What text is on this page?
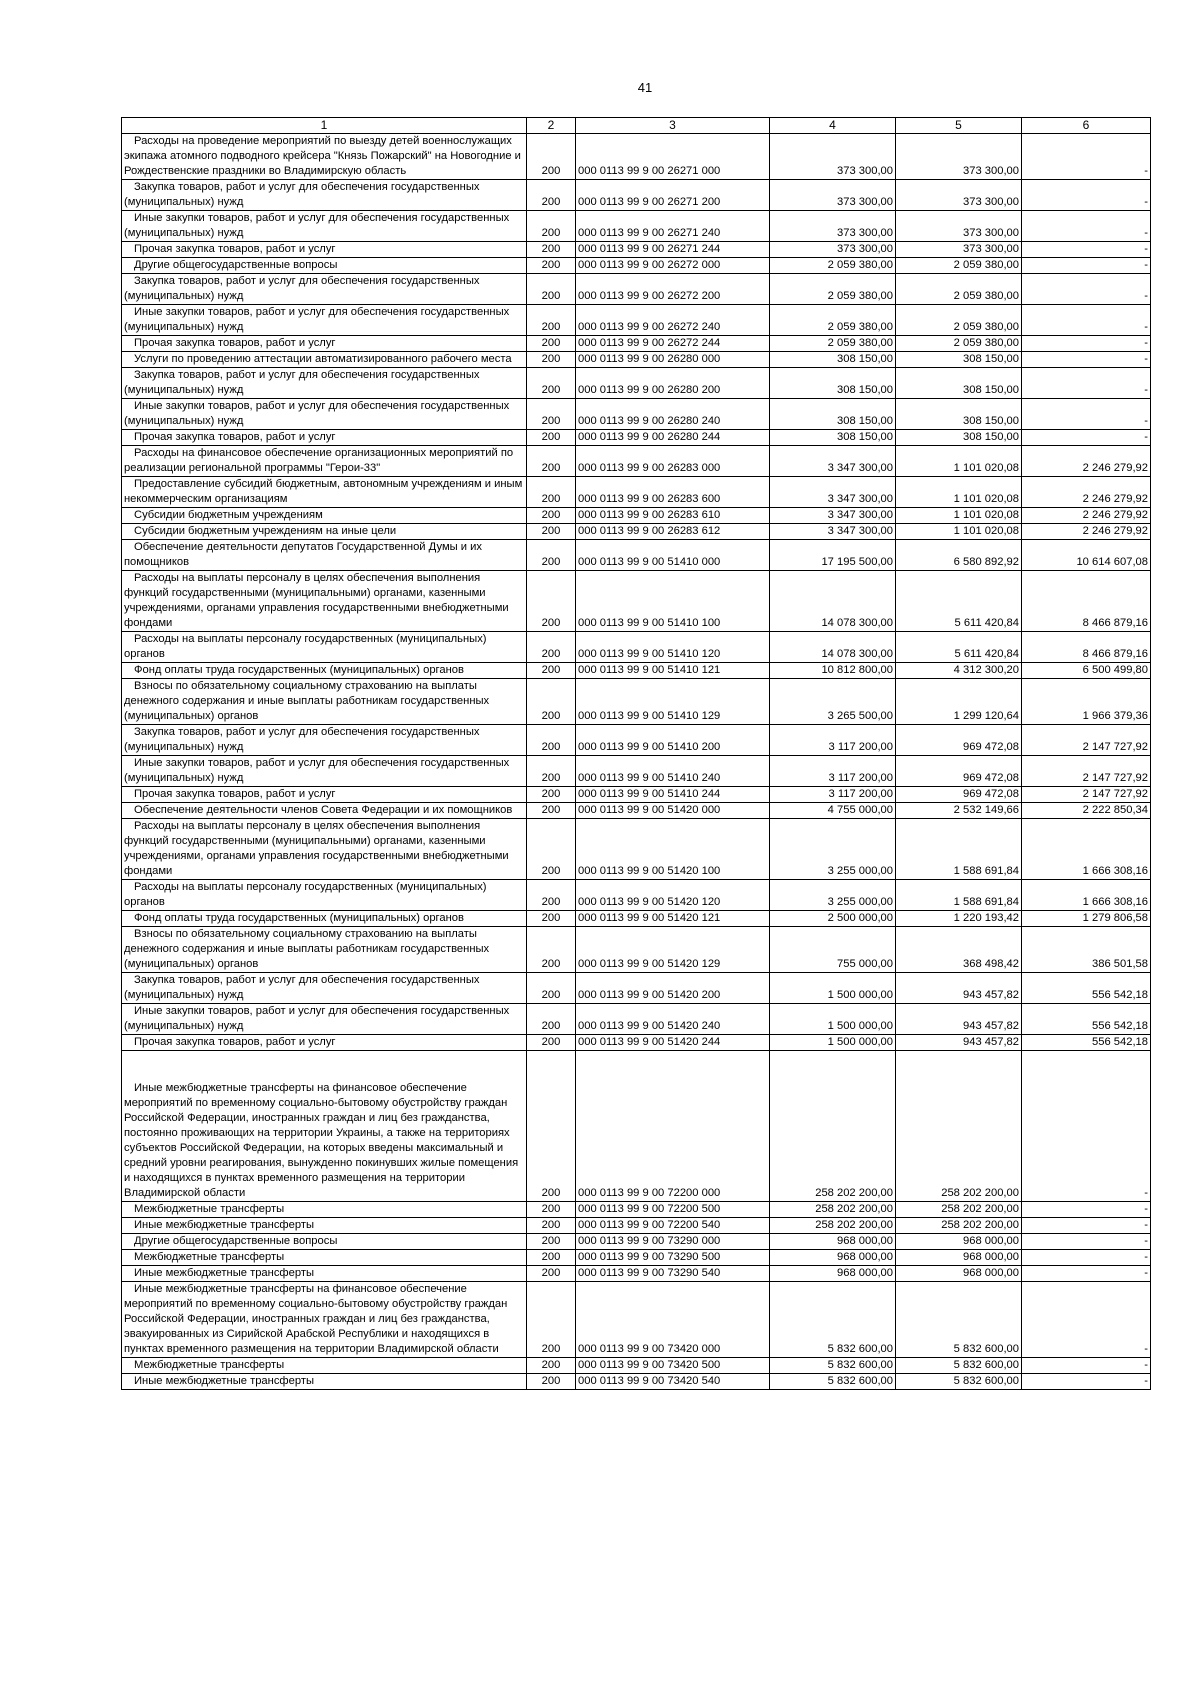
41
1	2	3	4	5	6
Расходы на проведение мероприятий по выезду детей военнослужащих экипажа атомного подводного крейсера "Князь Пожарский" на Новогодние и Рождественские праздники во Владимирскую область	200	000 0113 99 9 00 26271 000	373 300,00	373 300,00	-
Закупка товаров, работ и услуг для обеспечения государственных (муниципальных) нужд	200	000 0113 99 9 00 26271 200	373 300,00	373 300,00	-
Иные закупки товаров, работ и услуг для обеспечения государственных (муниципальных) нужд	200	000 0113 99 9 00 26271 240	373 300,00	373 300,00	-
Прочая закупка товаров, работ и услуг	200	000 0113 99 9 00 26271 244	373 300,00	373 300,00	-
Другие общегосударственные вопросы	200	000 0113 99 9 00 26272 000	2 059 380,00	2 059 380,00	-
Закупка товаров, работ и услуг для обеспечения государственных (муниципальных) нужд	200	000 0113 99 9 00 26272 200	2 059 380,00	2 059 380,00	-
Иные закупки товаров, работ и услуг для обеспечения государственных (муниципальных) нужд	200	000 0113 99 9 00 26272 240	2 059 380,00	2 059 380,00	-
Прочая закупка товаров, работ и услуг	200	000 0113 99 9 00 26272 244	2 059 380,00	2 059 380,00	-
Услуги по проведению аттестации автоматизированного рабочего места	200	000 0113 99 9 00 26280 000	308 150,00	308 150,00	-
Закупка товаров, работ и услуг для обеспечения государственных (муниципальных) нужд	200	000 0113 99 9 00 26280 200	308 150,00	308 150,00	-
Иные закупки товаров, работ и услуг для обеспечения государственных (муниципальных) нужд	200	000 0113 99 9 00 26280 240	308 150,00	308 150,00	-
Прочая закупка товаров, работ и услуг	200	000 0113 99 9 00 26280 244	308 150,00	308 150,00	-
Расходы на финансовое обеспечение организационных мероприятий по реализации региональной программы "Герои-33"	200	000 0113 99 9 00 26283 000	3 347 300,00	1 101 020,08	2 246 279,92
Предоставление субсидий бюджетным, автономным учреждениям и иным некоммерческим организациям	200	000 0113 99 9 00 26283 600	3 347 300,00	1 101 020,08	2 246 279,92
Субсидии бюджетным учреждениям	200	000 0113 99 9 00 26283 610	3 347 300,00	1 101 020,08	2 246 279,92
Субсидии бюджетным учреждениям на иные цели	200	000 0113 99 9 00 26283 612	3 347 300,00	1 101 020,08	2 246 279,92
Обеспечение деятельности депутатов Государственной Думы и их помощников	200	000 0113 99 9 00 51410 000	17 195 500,00	6 580 892,92	10 614 607,08
Расходы на выплаты персоналу в целях обеспечения выполнения функций государственными (муниципальными) органами, казенными учреждениями, органами управления государственными внебюджетными фондами	200	000 0113 99 9 00 51410 100	14 078 300,00	5 611 420,84	8 466 879,16
Расходы на выплаты персоналу государственных (муниципальных) органов	200	000 0113 99 9 00 51410 120	14 078 300,00	5 611 420,84	8 466 879,16
Фонд оплаты труда государственных (муниципальных) органов	200	000 0113 99 9 00 51410 121	10 812 800,00	4 312 300,20	6 500 499,80
Взносы по обязательному социальному страхованию на выплаты денежного содержания и иные выплаты работникам государственных (муниципальных) органов	200	000 0113 99 9 00 51410 129	3 265 500,00	1 299 120,64	1 966 379,36
Закупка товаров, работ и услуг для обеспечения государственных (муниципальных) нужд	200	000 0113 99 9 00 51410 200	3 117 200,00	969 472,08	2 147 727,92
Иные закупки товаров, работ и услуг для обеспечения государственных (муниципальных) нужд	200	000 0113 99 9 00 51410 240	3 117 200,00	969 472,08	2 147 727,92
Прочая закупка товаров, работ и услуг	200	000 0113 99 9 00 51410 244	3 117 200,00	969 472,08	2 147 727,92
Обеспечение деятельности членов Совета Федерации и их помощников	200	000 0113 99 9 00 51420 000	4 755 000,00	2 532 149,66	2 222 850,34
Расходы на выплаты персоналу в целях обеспечения выполнения функций государственными (муниципальными) органами, казенными учреждениями, органами управления государственными внебюджетными фондами	200	000 0113 99 9 00 51420 100	3 255 000,00	1 588 691,84	1 666 308,16
Расходы на выплаты персоналу государственных (муниципальных) органов	200	000 0113 99 9 00 51420 120	3 255 000,00	1 588 691,84	1 666 308,16
Фонд оплаты труда государственных (муниципальных) органов	200	000 0113 99 9 00 51420 121	2 500 000,00	1 220 193,42	1 279 806,58
Взносы по обязательному социальному страхованию на выплаты денежного содержания и иные выплаты работникам государственных (муниципальных) органов	200	000 0113 99 9 00 51420 129	755 000,00	368 498,42	386 501,58
Закупка товаров, работ и услуг для обеспечения государственных (муниципальных) нужд	200	000 0113 99 9 00 51420 200	1 500 000,00	943 457,82	556 542,18
Иные закупки товаров, работ и услуг для обеспечения государственных (муниципальных) нужд	200	000 0113 99 9 00 51420 240	1 500 000,00	943 457,82	556 542,18
Прочая закупка товаров, работ и услуг	200	000 0113 99 9 00 51420 244	1 500 000,00	943 457,82	556 542,18
Иные межбюджетные трансферты на финансовое обеспечение мероприятий по временному социально-бытовому обустройству граждан Российской Федерации, иностранных граждан и лиц без гражданства, постоянно проживающих на территории Украины, а также на территориях субъектов Российской Федерации, на которых введены максимальный и средний уровни реагирования, вынужденно покинувших жилые помещения и находящихся в пунктах временного размещения на территории Владимирской области	200	000 0113 99 9 00 72200 000	258 202 200,00	258 202 200,00	-
Межбюджетные трансферты	200	000 0113 99 9 00 72200 500	258 202 200,00	258 202 200,00	-
Иные межбюджетные трансферты	200	000 0113 99 9 00 72200 540	258 202 200,00	258 202 200,00	-
Другие общегосударственные вопросы	200	000 0113 99 9 00 73290 000	968 000,00	968 000,00	-
Межбюджетные трансферты	200	000 0113 99 9 00 73290 500	968 000,00	968 000,00	-
Иные межбюджетные трансферты	200	000 0113 99 9 00 73290 540	968 000,00	968 000,00	-
Иные межбюджетные трансферты на финансовое обеспечение мероприятий по временному социально-бытовому обустройству граждан Российской Федерации, иностранных граждан и лиц без гражданства, эвакуированных из Сирийской Арабской Республики и находящихся в пунктах временного размещения на территории Владимирской области	200	000 0113 99 9 00 73420 000	5 832 600,00	5 832 600,00	-
Межбюджетные трансферты	200	000 0113 99 9 00 73420 500	5 832 600,00	5 832 600,00	-
Иные межбюджетные трансферты	200	000 0113 99 9 00 73420 540	5 832 600,00	5 832 600,00	-
